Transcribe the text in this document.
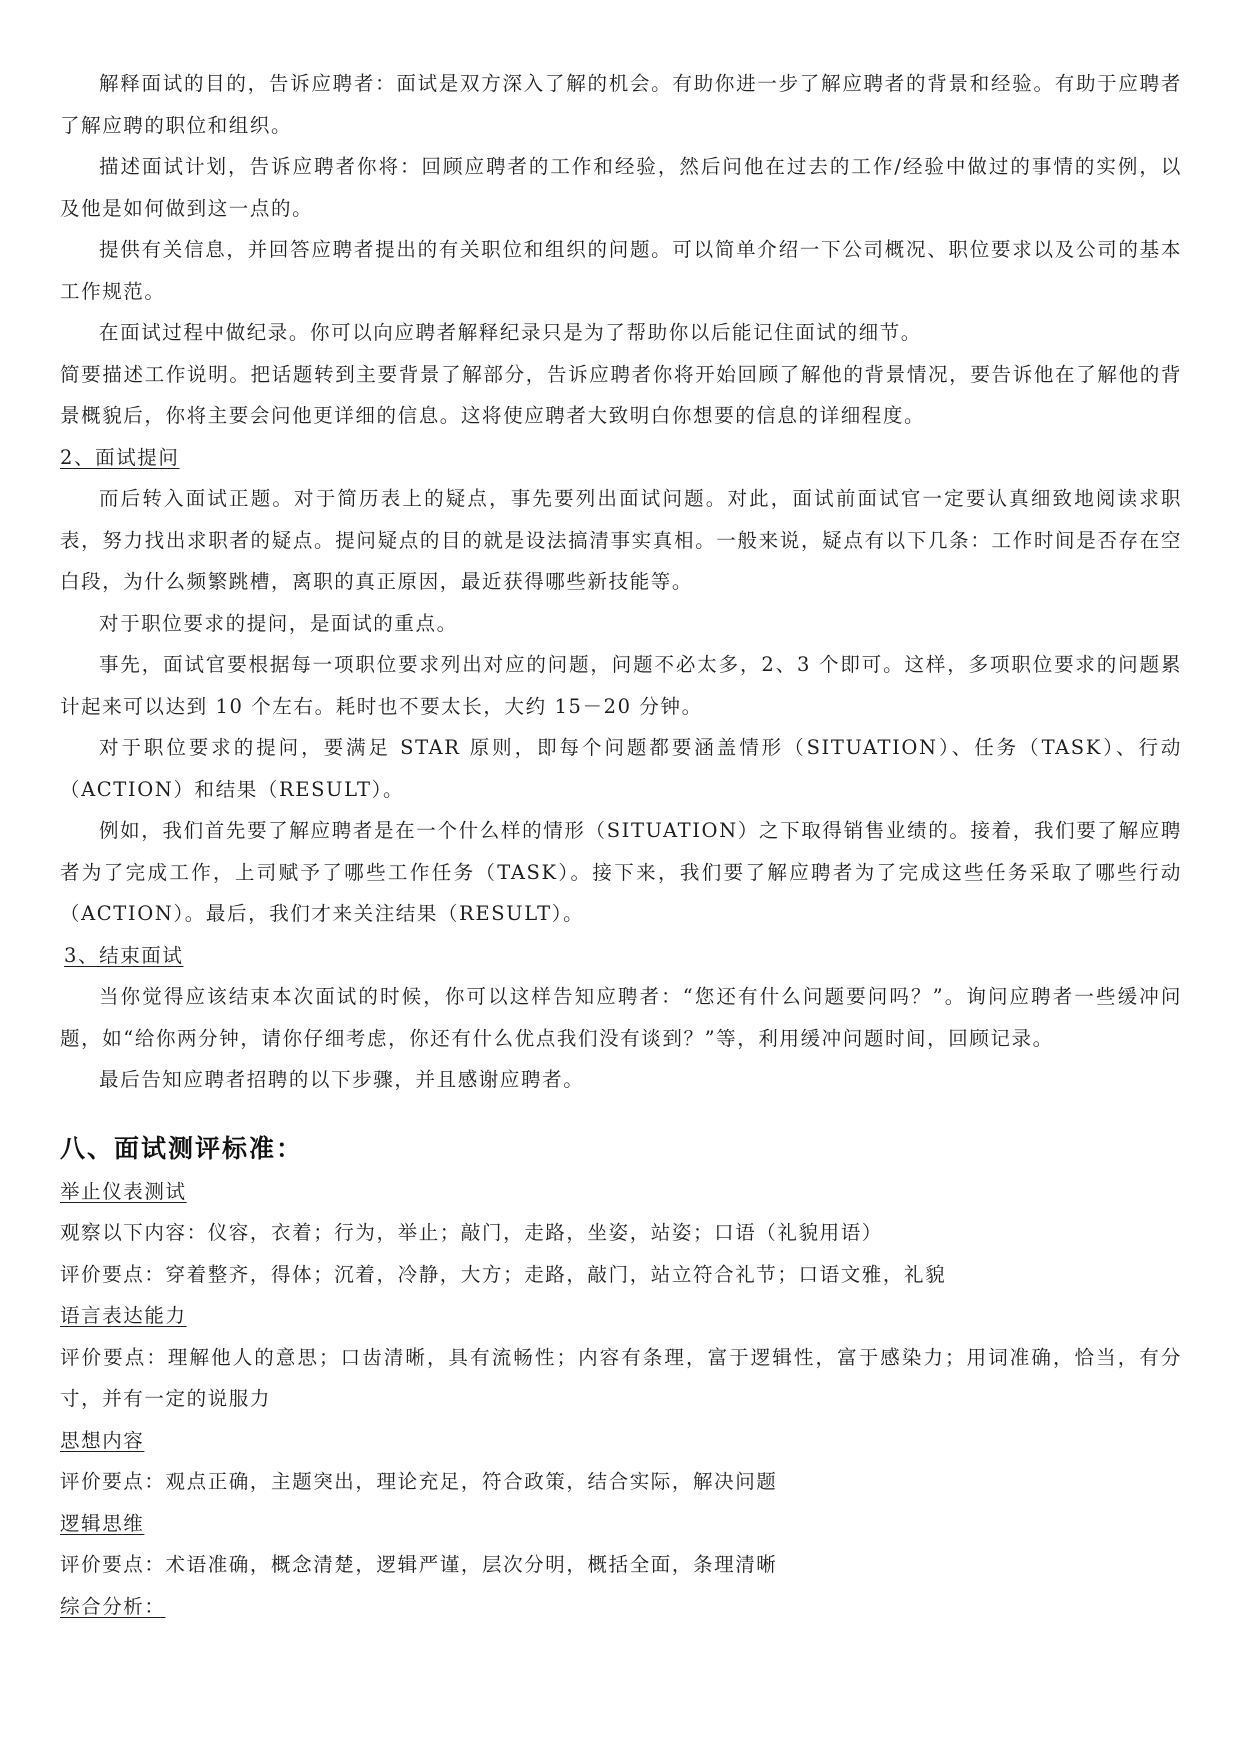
解释面试的目的，告诉应聘者：面试是双方深入了解的机会。有助你进一步了解应聘者的背景和经验。有助于应聘者了解应聘的职位和组织。

描述面试计划，告诉应聘者你将：回顾应聘者的工作和经验，然后问他在过去的工作/经验中做过的事情的实例，以及他是如何做到这一点的。

提供有关信息，并回答应聘者提出的有关职位和组织的问题。可以简单介绍一下公司概况、职位要求以及公司的基本工作规范。

在面试过程中做纪录。你可以向应聘者解释纪录只是为了帮助你以后能记住面试的细节。

简要描述工作说明。把话题转到主要背景了解部分，告诉应聘者你将开始回顾了解他的背景情况，要告诉他在了解他的背景概貌后，你将主要会问他更详细的信息。这将使应聘者大致明白你想要的信息的详细程度。

2、面试提问

而后转入面试正题。对于简历表上的疑点，事先要列出面试问题。对此，面试前面试官一定要认真细致地阅读求职表，努力找出求职者的疑点。提问疑点的目的就是设法搞清事实真相。一般来说，疑点有以下几条：工作时间是否存在空白段，为什么频繁跳槽，离职的真正原因，最近获得哪些新技能等。

对于职位要求的提问，是面试的重点。

事先，面试官要根据每一项职位要求列出对应的问题，问题不必太多，2、3 个即可。这样，多项职位要求的问题累计起来可以达到 10 个左右。耗时也不要太长，大约 15－20 分钟。

对于职位要求的提问，要满足 STAR 原则，即每个问题都要涵盖情形（SITUATION）、任务（TASK）、行动（ACTION）和结果（RESULT）。

例如，我们首先要了解应聘者是在一个什么样的情形（SITUATION）之下取得销售业绩的。接着，我们要了解应聘者为了完成工作，上司赋予了哪些工作任务（TASK）。接下来，我们要了解应聘者为了完成这些任务采取了哪些行动（ACTION）。最后，我们才来关注结果（RESULT）。

3、结束面试

当你觉得应该结束本次面试的时候，你可以这样告知应聘者：“您还有什么问题要问吗？”。询问应聘者一些缓冲问题，如“给你两分钟，请你仔细考虑，你还有什么优点我们没有谈到？”等，利用缓冲问题时间，回顾记录。

最后告知应聘者招聘的以下步骤，并且感谢应聘者。

八、面试测评标准：

举止仪表测试

观察以下内容：仪容，衣着；行为，举止；敲门，走路，坐姿，站姿；口语（礼貌用语）

评价要点：穿着整齐，得体；沉着，冷静，大方；走路，敲门，站立符合礼节；口语文雅，礼貌

语言表达能力

评价要点：理解他人的意思；口齿清晰，具有流畅性；内容有条理，富于逻辑性，富于感染力；用词准确，恰当，有分寸，并有一定的说服力

思想内容

评价要点：观点正确，主题突出，理论充足，符合政策，结合实际，解决问题

逻辑思维

评价要点：术语准确，概念清楚，逻辑严谨，层次分明，概括全面，条理清晰

综合分析：
